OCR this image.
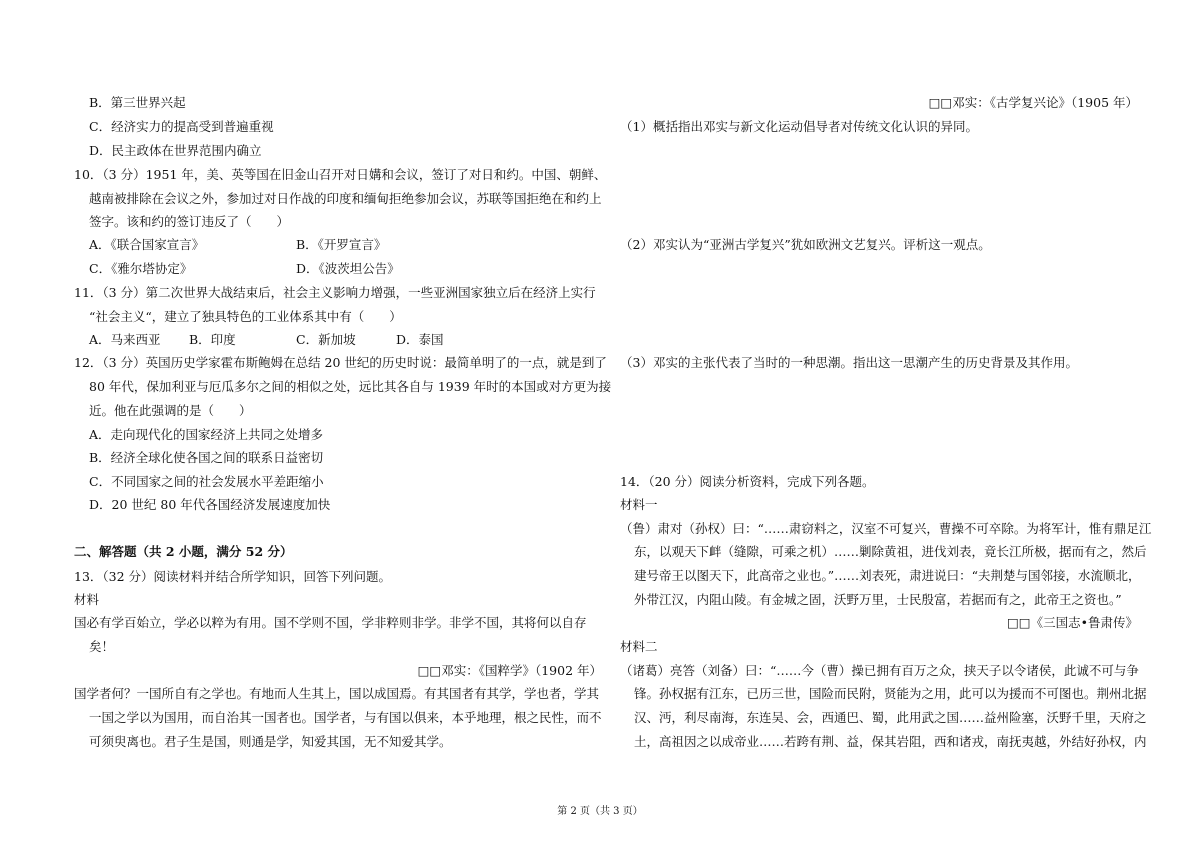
B．第三世界兴起
C．经济实力的提高受到普遍重视
D．民主政体在世界范围内确立
10．（3 分）1951 年，美、英等国在旧金山召开对日媾和会议，签订了对日和约。中国、朝鲜、
越南被排除在会议之外，参加过对日作战的印度和缅甸拒绝参加会议，苏联等国拒绝在和约上
签字。该和约的签订违反了（　　）
A．《联合国家宣言》	B．《开罗宣言》
C．《雅尔塔协定》	D．《波茨坦公告》
11．（3 分）第二次世界大战结束后，社会主义影响力增强，一些亚洲国家独立后在经济上实行
“社会主义“，建立了独具特色的工业体系其中有（　　）
A．马来西亚 B．印度	C．新加坡	D．泰国
12．（3 分）英国历史学家霍布斯鲍姆在总结 20 世纪的历史时说：最简单明了的一点，就是到了
80 年代，保加利亚与厄瓜多尔之间的相似之处，远比其各自与 1939 年时的本国或对方更为接
近。他在此强调的是（　　）
A．走向现代化的国家经济上共同之处增多
B．经济全球化使各国之间的联系日益密切
C．不同国家之间的社会发展水平差距缩小
D．20 世纪 80 年代各国经济发展速度加快
二、解答题（共 2 小题，满分 52 分）
13．（32 分）阅读材料并结合所学知识，回答下列问题。
材料
国必有学百始立，学必以粹为有用。国不学则不国，学非粹则非学。非学不国，其将何以自存
矣！
□□邓实：《国粹学》（1902 年）
国学者何？一国所自有之学也。有地而人生其上，国以成国焉。有其国者有其学，学也者，学其
一国之学以为国用，而自治其一国者也。国学者，与有国以俱来，本乎地理，根之民性，而不
可须臾离也。君子生是国，则通是学，知爱其国，无不知爱其学。
□□邓实：《古学复兴论》（1905 年）
（1）概括指出邓实与新文化运动倡导者对传统文化认识的异同。
（2）邓实认为“亚洲古学复兴”犹如欧洲文艺复兴。评析这一观点。
（3）邓实的主张代表了当时的一种思潮。指出这一思潮产生的历史背景及其作用。
14．（20 分）阅读分析资料，完成下列各题。
材料一
（鲁）肃对（孙权）曰：“……肃窃料之，汉室不可复兴，曹操不可卒除。为将军计，惟有鼎足江
东，以观天下衅（缝隙，可乘之机）……剿除黄祖，进伐刘表，竟长江所极，据而有之，然后
建号帝王以图天下，此高帝之业也。”……刘表死，肃进说曰：“夫荆楚与国邻接，水流顺北，
外带江汉，内阻山陵。有金城之固，沃野万里，士民殷富，若据而有之，此帝王之资也。”
□□《三国志•鲁肃传》
材料二
（诸葛）亮答（刘备）曰：“……今（曹）操已拥有百万之众，挟天子以令诸侯，此诚不可与争
锋。孙权据有江东，已历三世，国险而民附，贤能为之用，此可以为援而不可图也。荆州北据
汉、沔，利尽南海，东连吴、会，西通巴、蜀，此用武之国……益州险塞，沃野千里，天府之
土，高祖因之以成帝业……若跨有荆、益，保其岩阻，西和诸戎，南抚夷越，外结好孙权，内
第 2 页（共 3 页）
